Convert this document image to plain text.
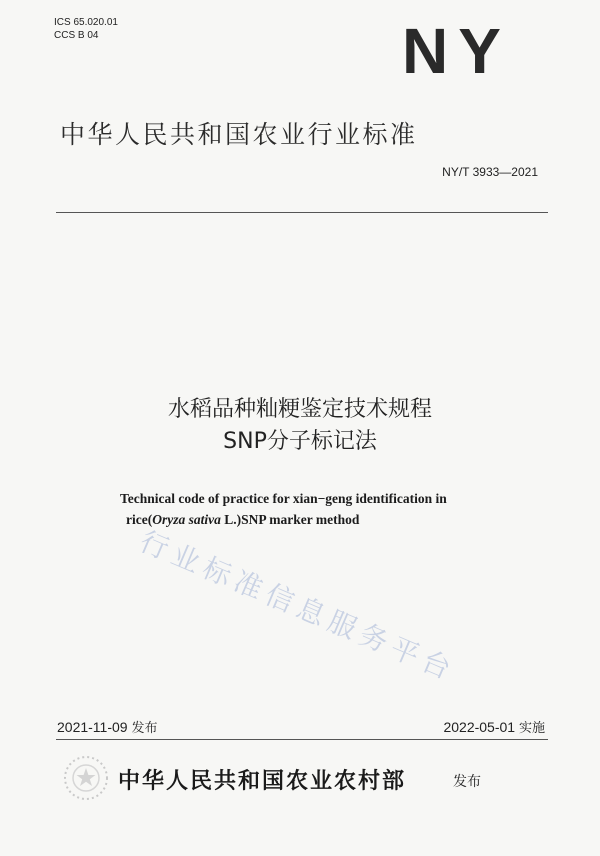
ICS 65.020.01
CCS B 04	NY
中华人民共和国农业行业标准
NY/T 3933—2021
水稻品种籼粳鉴定技术规程
SNP分子标记法
Technical code of practice for xian−geng identification in
rice(Oryza sativa L.)SNP marker method
行业标准信息服务平台
2021-11-09 发布	2022-05-01 实施
中华人民共和国农业农村部	发布
